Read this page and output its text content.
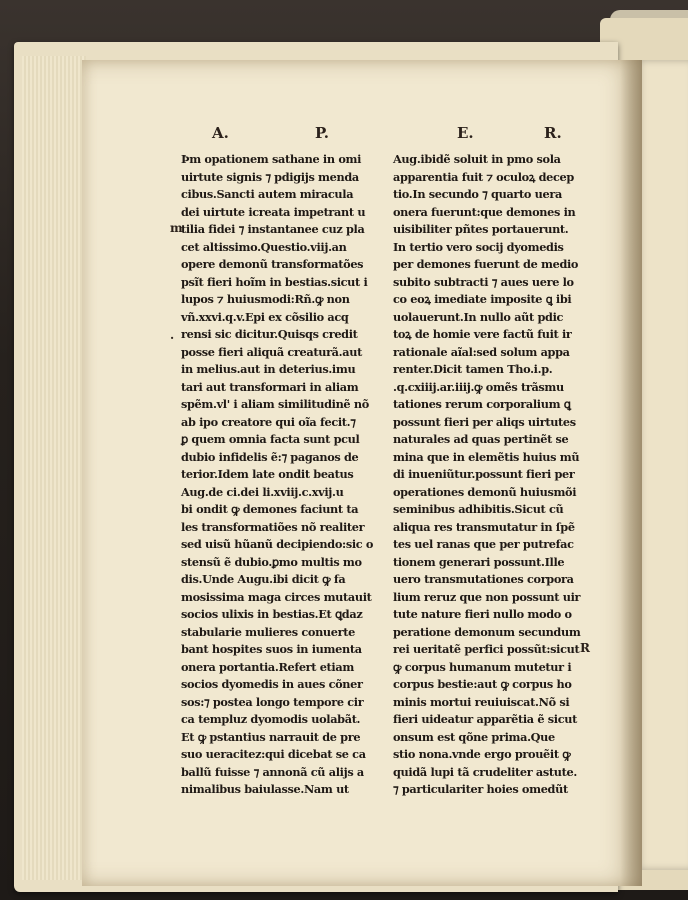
A.	P.	E.	R.
Þm opationem sathane in omi
uirtute signis ⁊ pdigijs menda
cibus.Sancti autem miracula
dei uirtute icreata impetrant u
tilia fidei ⁊ instantanee cuz pla
cet altissimo.Questio.viij.an
opere demonũ transformatões
psĩt fieri hoĩm in bestias.sicut i
lupos ⁊ huiusmodi:Rñ.ꝙ non
vñ.xxvi.q.v.Epi ex cõsilio acq
rensi sic dicitur.Quisqs credit
posse fieri aliquã creaturã.aut
in melius.aut in deterius.imu
tari aut transformari in aliam
spẽm.vl' i aliam similitudinẽ nõ
ab ipo creatore qui oĩa fecit.⁊
ꝑ quem omnia facta sunt pcul
dubio infidelis ẽ:⁊ paganos de
terior.Idem late ondit beatus
Aug.de ci.dei li.xviij.c.xvij.u
bi ondit ꝙ demones faciunt ta
les transformatiões nõ realiter
sed uisũ hũanũ decipiendo:sic o
stensũ ẽ dubio.ꝑmo multis mo
dis.Unde Augu.ibi dicit ꝙ fa
mosissima maga circes mutauit
socios ulixis in bestias.Et ꝗdaz
stabularie mulieres conuerte
bant hospites suos in iumenta
onera portantia.Refert etiam
socios dyomedis in aues cõner
sos:⁊ postea longo tempore cir
ca templuz dyomodis uolabãt.
Et ꝙ pstantius narrauit de pre
suo ueracitez:qui dicebat se ca
ballũ fuisse ⁊ annonã cũ alijs a
nimalibus baiulasse.Nam ut
Aug.ibidẽ soluit in pmo sola
apparentia fuit ⁊ oculoꝝ decep
tio.In secundo ⁊ quarto uera
onera fuerunt:que demones in
uisibiliter pñtes portauerunt.
In tertio vero socij dyomedis
per demones fuerunt de medio
subito subtracti ⁊ aues uere lo
co eoꝝ imediate imposite ꝗ ibi
uolauerunt.In nullo aũt pdic
toꝝ de homie vere factũ fuit ir
rationale aĩal:sed solum appa
renter.Dicit tamen Tho.i.p.
.q.cxiiij.ar.iiij.ꝙ omẽs trãsmu
tationes rerum corporalium ꝗ
possunt fieri per aliqs uirtutes
naturales ad quas pertinẽt se
mina que in elemẽtis huius mũ
di inueniũtur.possunt fieri per
operationes demonũ huiusmõi
seminibus adhibitis.Sicut cũ
aliqua res transmutatur in ſpẽ
tes uel ranas que per putrefac
tionem generari possunt.Ille
uero transmutationes corpora
lium reruz que non possunt uir
tute nature fieri nullo modo o
peratione demonum secundum
rei ueritatẽ perfici possũt:sicut
ꝙ corpus humanum mutetur i
corpus bestie:aut ꝙ corpus ho
minis mortui reuiuiscat.Nõ si
fieri uideatur apparẽtia ẽ sicut
onsum est qõne prima.Que
stio nona.vnde ergo prouẽit ꝙ
quidã lupi tã crudeliter astute.
⁊ particulariter hoies omedũt
m
·
R
